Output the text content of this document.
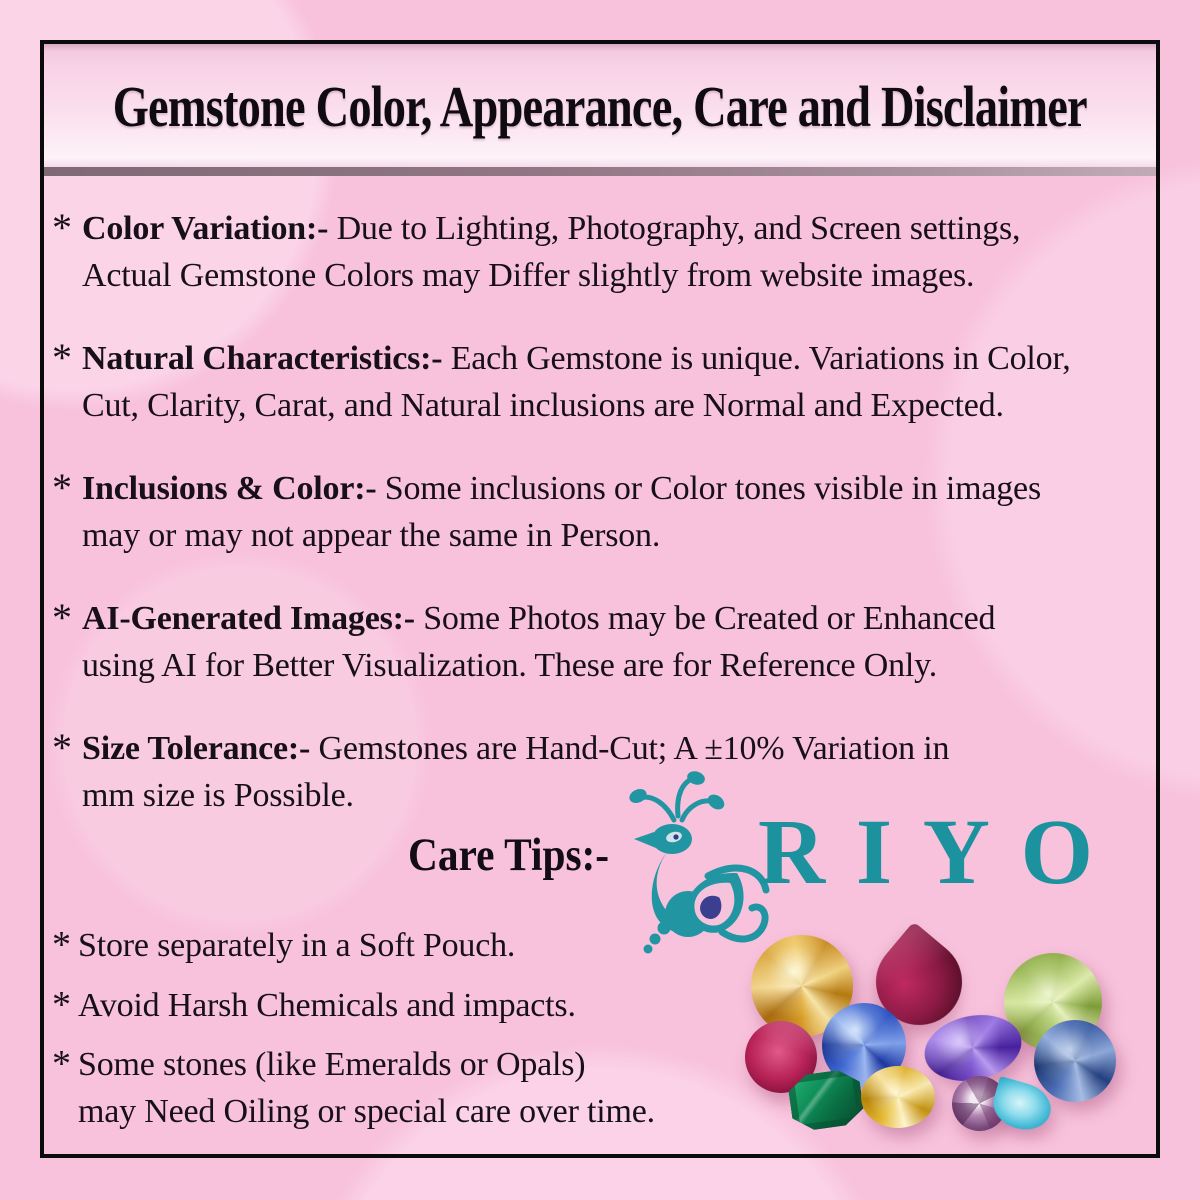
Gemstone Color, Appearance, Care and Disclaimer
* Color Variation:- Due to Lighting, Photography, and Screen settings,
Actual Gemstone Colors may Differ slightly from website images.
* Natural Characteristics:- Each Gemstone is unique. Variations in Color,
Cut, Clarity, Carat, and Natural inclusions are Normal and Expected.
* Inclusions & Color:- Some inclusions or Color tones visible in images
may or may not appear the same in Person.
* AI-Generated Images:- Some Photos may be Created or Enhanced
using AI for Better Visualization. These are for Reference Only.
* Size Tolerance:- Gemstones are Hand-Cut; A ±10% Variation in
mm size is Possible.
Care Tips:-
* Store separately in a Soft Pouch.
* Avoid Harsh Chemicals and impacts.
* Some stones (like Emeralds or Opals)
may Need Oiling or special care over time.
RIYO
